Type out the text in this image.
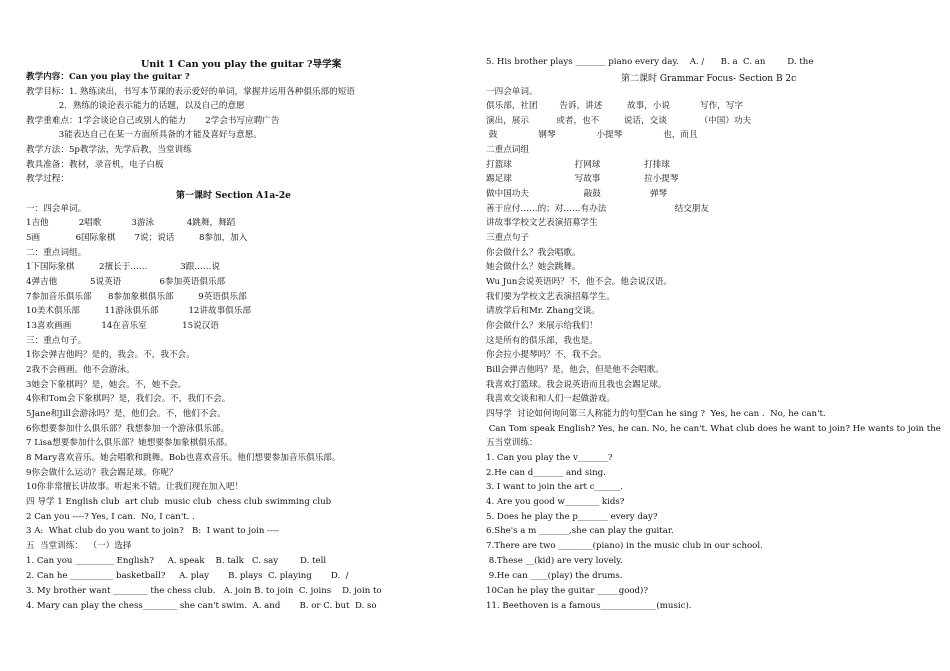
Unit 1 Can you play the guitar ?导学案
教学内容：Can you play the guitar ?
教学目标：1. 熟练读出，书写本节课的表示爱好的单词，掌握并运用各种俱乐部的短语
2．熟练的谈论表示能力的话题，以及自己的意愿
教学重难点：1学会谈论自己或别人的能力       2学会书写应聘广告
3能表达自己在某一方面所具备的才能及喜好与意愿。
教学方法：5p教学法，先学后教，当堂训练
教具准备：教材，录音机，电子白板
教学过程：
第一课时 Section A1a-2e
一：四会单词。
1吉他           2唱歌           3游泳            4跳舞，舞蹈
5画             6国际象棋       7说；说话         8参加，加入
二：重点词组。
1下国际象棋         2擅长于……            3跟……说
4弹吉他            5说英语              6参加英语俱乐部
7参加音乐俱乐部      8参加象棋俱乐部         9英语俱乐部
10美术俱乐部         11游泳俱乐部           12讲故事俱乐部
13喜欢画画           14在音乐室             15说汉语
三：重点句子。
1你会弹吉他吗？是的，我会。不，我不会。
2我不会画画。他不会游泳。
3她会下象棋吗？是，她会。不，她不会。
4你和Tom会下象棋吗？是，我们会。不，我们不会。
5Jane和Jill会游泳吗？是，他们会。不，他们不会。
6你想要参加什么俱乐部？我想参加一个游泳俱乐部。
7 Lisa想要参加什么俱乐部？她想要参加象棋俱乐部。
8 Mary喜欢音乐。她会唱歌和跳舞。Bob也喜欢音乐。他们想要参加音乐俱乐部。
9你会做什么运动？我会踢足球。你呢？
10你非常擅长讲故事。听起来不错。让我们现在加入吧！
四 导学 1 English club  art club  music club  chess club swimming club
2 Can you ----? Yes, I can.  No, I can't. .
3 A:  What club do you want to join?   B:  I want to join ----
五  当堂训练：  （一）选择
1. Can you _________ English?     A. speak    B. talk   C. say        D. tell
2. Can he __________ basketball?     A. play       B. plays  C. playing       D.  /
3. My brother want ________ the chess club.   A. join B. to join  C. joins    D. join to
4. Mary can play the chess________ she can't swim.  A. and       B. or C. but  D. so
5. His brother plays _______ piano every day.    A. /      B. a  C. an        D. the
第二课时 Grammar Focus- Section B 2c
一四会单词。
俱乐部，社团        告诉，讲述         故事，小说           写作，写字
演出，展示          或者，也不         说话，交谈            （中国）功夫
鼓               钢琴               小提琴               也，而且
二重点词组
打篮球                       打网球                打排球
踢足球                       写故事                拉小提琴
做中国功夫                    敲鼓                  弹琴
善于应付……的；对……有办法                         结交朋友
讲故事学校文艺表演招募学生
三重点句子
你会做什么？我会唱歌。
她会做什么？她会跳舞。
Wu Jun会说英语吗？不，他不会。他会说汉语。
我们要为学校文艺表演招募学生。
请放学后和Mr. Zhang交谈。
你会做什么？来展示给我们！
这是所有的俱乐部，我也是。
你会拉小提琴吗？不，我不会。
Bill会弹吉他吗？是，他会，但是他不会唱歌。
我喜欢打篮球。我会说英语而且我也会踢足球。
我喜欢交谈和和人们一起做游戏。
四导学  讨论如何询问第三人称能力的句型Can he sing ?  Yes, he can .  No, he can't.
Can Tom speak English? Yes, he can. No, he can't. What club does he want to join? He wants to join the
五当堂训练：
1. Can you play the v_______?
2.He can d_______ and sing.
3. I want to join the art c______.
4. Are you good w________ kids?
5. Does he play the p_______ every day?
6.She's a m _______,she can play the guitar.
7.There are two ________(piano) in the music club in our school.
8.These __(kid) are very lovely.
9.He can ____(play) the drums.
10Can he play the guitar _____good)?
11. Beethoven is a famous_____________(music).
